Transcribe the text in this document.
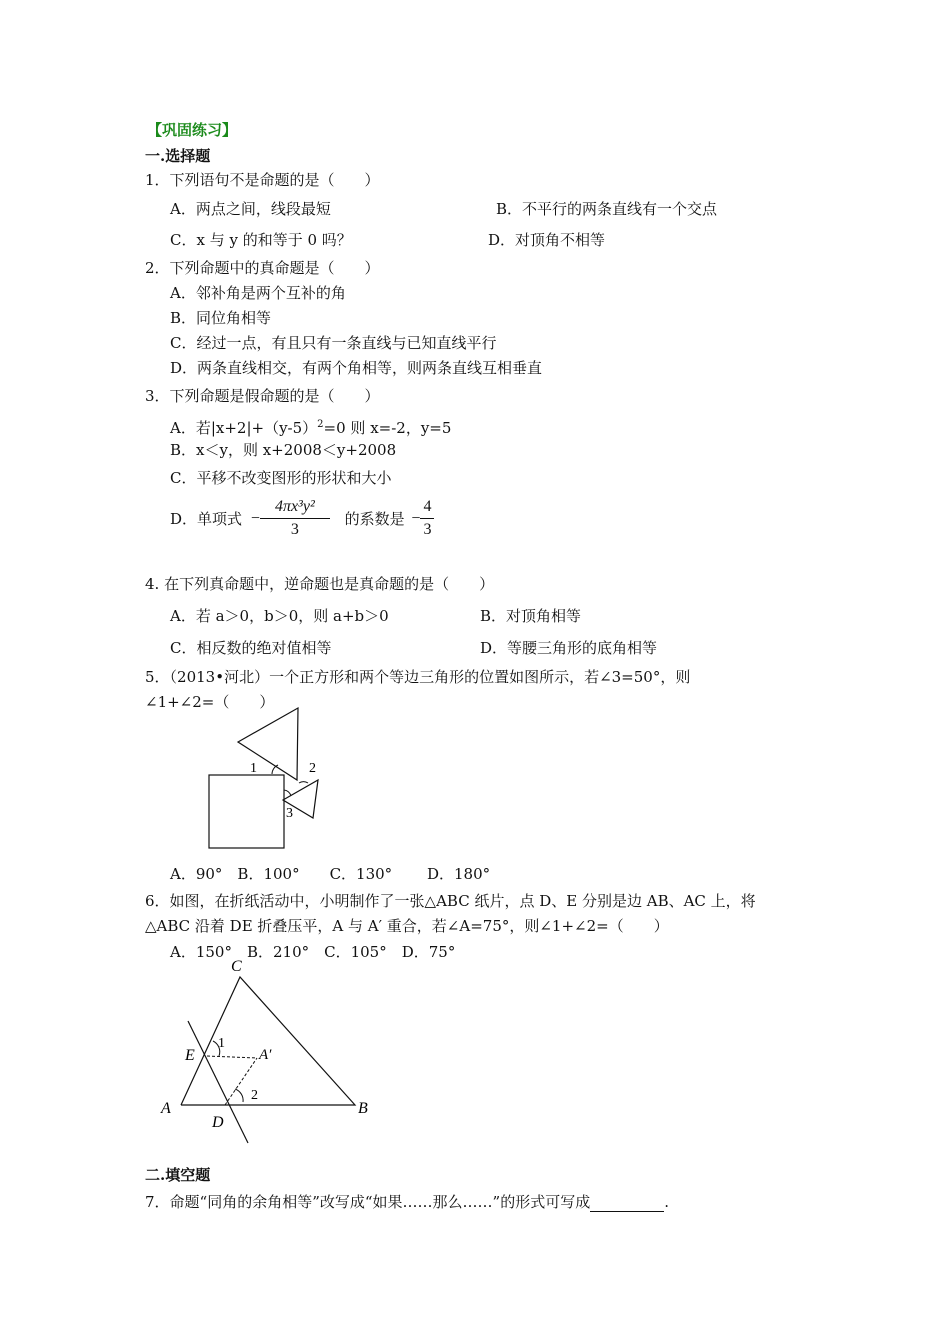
【巩固练习】
一.选择题
1．下列语句不是命题的是（　　）
A．两点之间，线段最短	B．不平行的两条直线有一个交点
C．x 与 y 的和等于 0 吗？	D．对顶角不相等
2．下列命题中的真命题是（　　）
A．邻补角是两个互补的角
B．同位角相等
C．经过一点，有且只有一条直线与已知直线平行
D．两条直线相交，有两个角相等，则两条直线互相垂直
3．下列命题是假命题的是（　　）
A．若$|x+2|+(y-5)^2=0$ 则 x=-2，y=5
B．x＜y，则 x+2008＜y+2008
C．平移不改变图形的形状和大小
D．单项式 − $\frac{\text{4πx³y²}}{3}$ 的系数是 − $\frac{4}{3}$
4. 在下列真命题中，逆命题也是真命题的是（　　）
A．若 a＞0，b＞0，则 a+b＞0	B．对顶角相等
C．相反数的绝对值相等	D．等腰三角形的底角相等
5．（2013•河北）一个正方形和两个等边三角形的位置如图所示，若∠3=50°，则
∠1+∠2=（　　）
1	2
3
A．90°　B．100°　　C．130°　　 D．180°
6．如图，在折纸活动中，小明制作了一张△ABC 纸片，点 D、E 分别是边 AB、AC 上，将
△ABC 沿着 DE 折叠压平，A 与 A′ 重合，若∠A=75°，则∠1+∠2=（　　）
A．150°　B．210°　C．105°　D．75°
C
E
A
D
B
A′
1
2
二.填空题
7．命题“同角的余角相等”改写成“如果……那么……”的形式可写成	.
